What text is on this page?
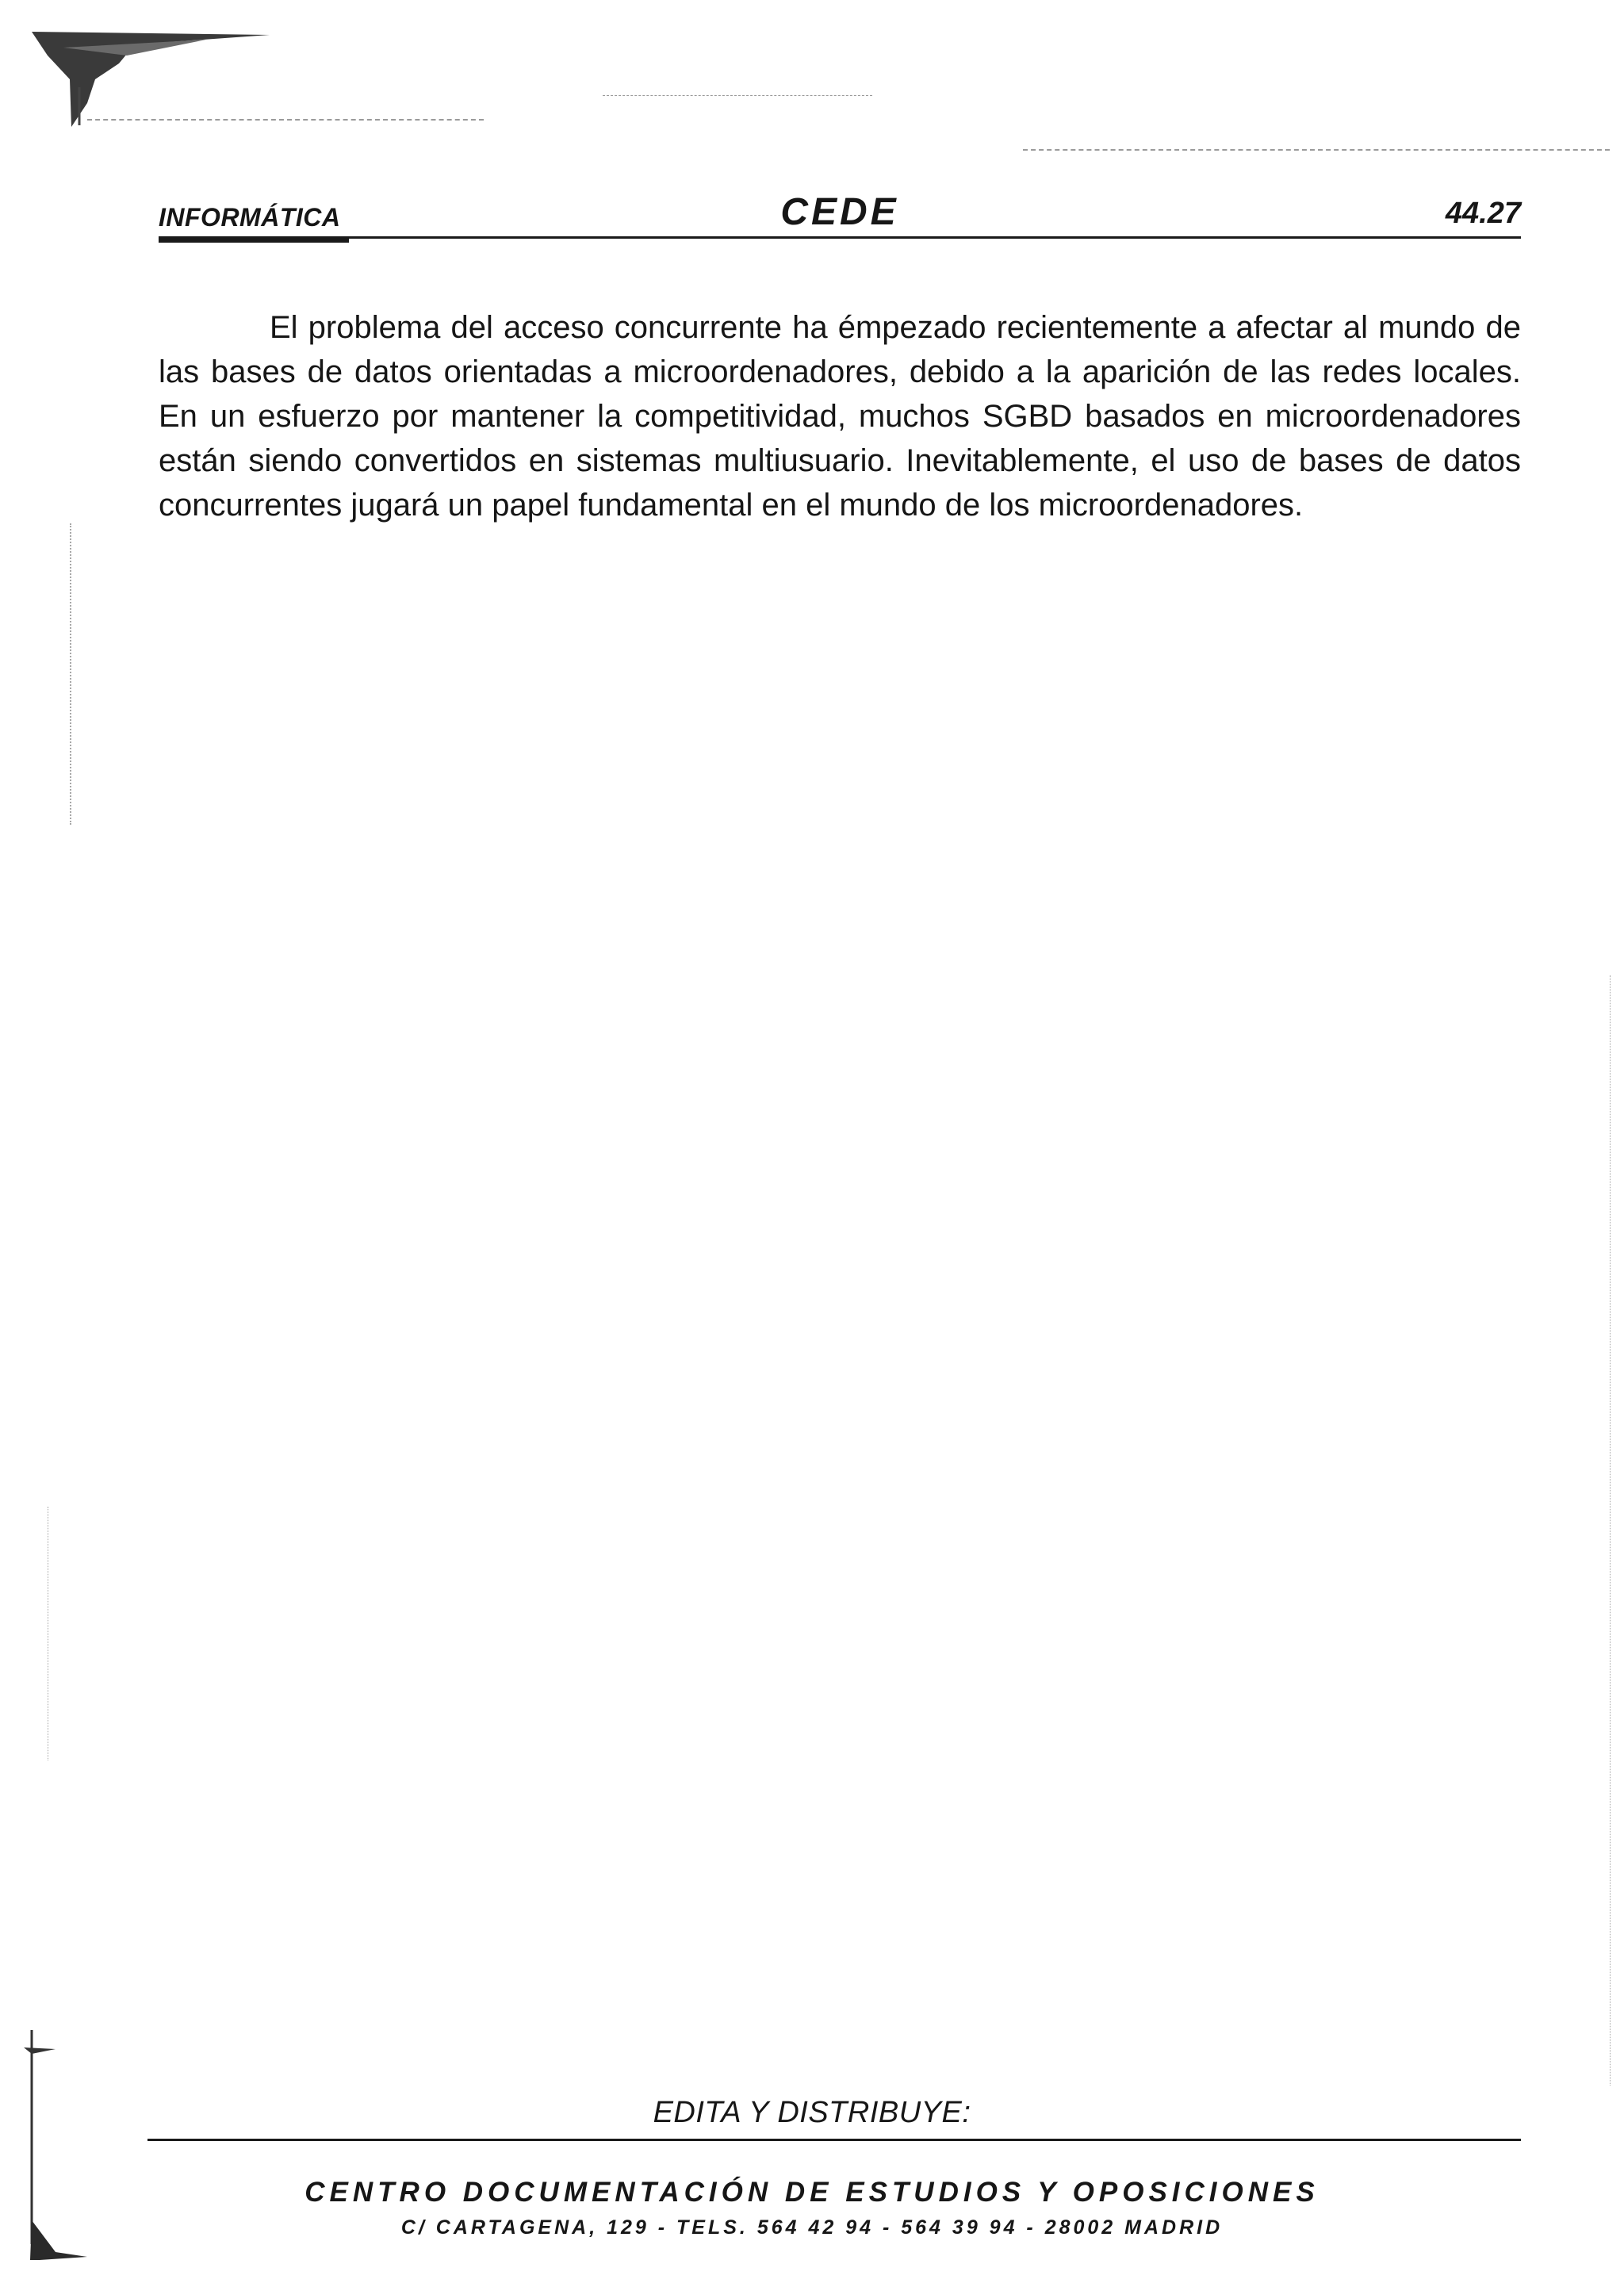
INFORMÁTICA	CEDE	44.27

El problema del acceso concurrente ha émpezado recientemente a afectar al mundo de las bases de datos orientadas a microordenadores, debido a la aparición de las redes locales. En un esfuerzo por mantener la competitividad, muchos SGBD basados en microordenadores están siendo convertidos en sistemas multiusuario. Inevitablemente, el uso de bases de datos concurrentes jugará un papel fundamental en el mundo de los microordenadores.

EDITA Y DISTRIBUYE:
CENTRO DOCUMENTACIÓN DE ESTUDIOS Y OPOSICIONES
C/ CARTAGENA, 129 - TELS. 564 42 94 - 564 39 94 - 28002 MADRID
